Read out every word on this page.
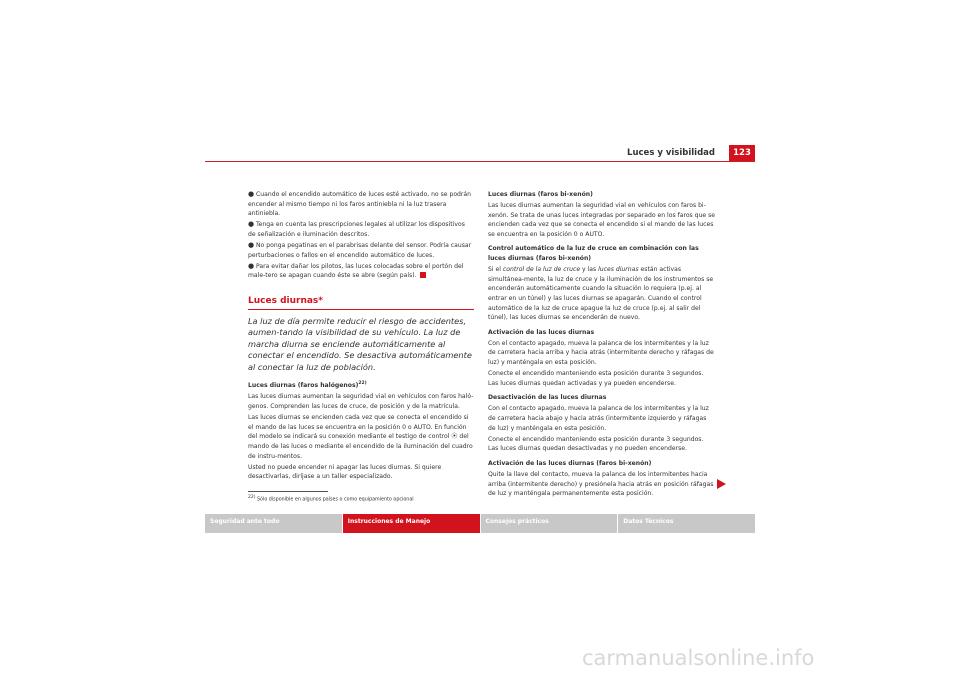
Luces y visibilidad	123

● Cuando el encendido automático de luces esté activado, no se podrán encender al mismo tiempo ni los faros antiniebla ni la luz trasera antiniebla.

● Tenga en cuenta las prescripciones legales al utilizar los dispositivos de señalización e iluminación descritos.

● No ponga pegatinas en el parabrisas delante del sensor. Podría causar perturbaciones o fallos en el encendido automático de luces.

● Para evitar dañar los pilotos, las luces colocadas sobre el portón del male-tero se apagan cuando éste se abre (según país).

Luces diurnas*

La luz de día permite reducir el riesgo de accidentes, aumen-tando la visibilidad de su vehículo. La luz de marcha diurna se enciende automáticamente al conectar el encendido. Se desactiva automáticamente al conectar la luz de población.

Luces diurnas (faros halógenos)$^{22)}$

Las luces diurnas aumentan la seguridad vial en vehículos con faros haló-genos. Comprenden las luces de cruce, de posición y de la matrícula.

Las luces diurnas se encienden cada vez que se conecta el encendido si el mando de las luces se encuentra en la posición 0 o AUTO. En función del modelo se indicará su conexión mediante el testigo de control ⦿ del mando de las luces o mediante el encendido de la iluminación del cuadro de instru-mentos.

Usted no puede encender ni apagar las luces diurnas. Si quiere desactivarlas, diríjase a un taller especializado.

$^{22)}$ Sólo disponible en algunos países o como equipamiento opcional

Luces diurnas (faros bi-xenón)

Las luces diurnas aumentan la seguridad vial en vehículos con faros bi-xenón. Se trata de unas luces integradas por separado en los faros que se encienden cada vez que se conecta el encendido si el mando de las luces se encuentra en la posición 0 o AUTO.

Control automático de la luz de cruce en combinación con las luces diurnas (faros bi-xenón)

Si el control de la luz de cruce y las luces diurnas están activas simultánea-mente, la luz de cruce y la iluminación de los instrumentos se encenderán automáticamente cuando la situación lo requiera (p.ej. al entrar en un túnel) y las luces diurnas se apagarán. Cuando el control automático de la luz de cruce apague la luz de cruce (p.ej. al salir del túnel), las luces diurnas se encenderán de nuevo.

Activación de las luces diurnas

Con el contacto apagado, mueva la palanca de los intermitentes y la luz de carretera hacia arriba y hacia atrás (intermitente derecho y ráfagas de luz) y manténgala en esta posición.

Conecte el encendido manteniendo esta posición durante 3 segundos. Las luces diurnas quedan activadas y ya pueden encenderse.

Desactivación de las luces diurnas

Con el contacto apagado, mueva la palanca de los intermitentes y la luz de carretera hacia abajo y hacia atrás (intermitente izquierdo y ráfagas de luz) y manténgala en esta posición.

Conecte el encendido manteniendo esta posición durante 3 segundos. Las luces diurnas quedan desactivadas y no pueden encenderse.

Activación de las luces diurnas (faros bi-xenón)

Quite la llave del contacto, mueva la palanca de los intermitentes hacia arriba (intermitente derecho) y presiónela hacia atrás en posición ráfagas de luz y manténgala permanentemente esta posición.

Seguridad ante todo	Instrucciones de Manejo	Consejos prácticos	Datos Técnicos
carmanualsonline.info
